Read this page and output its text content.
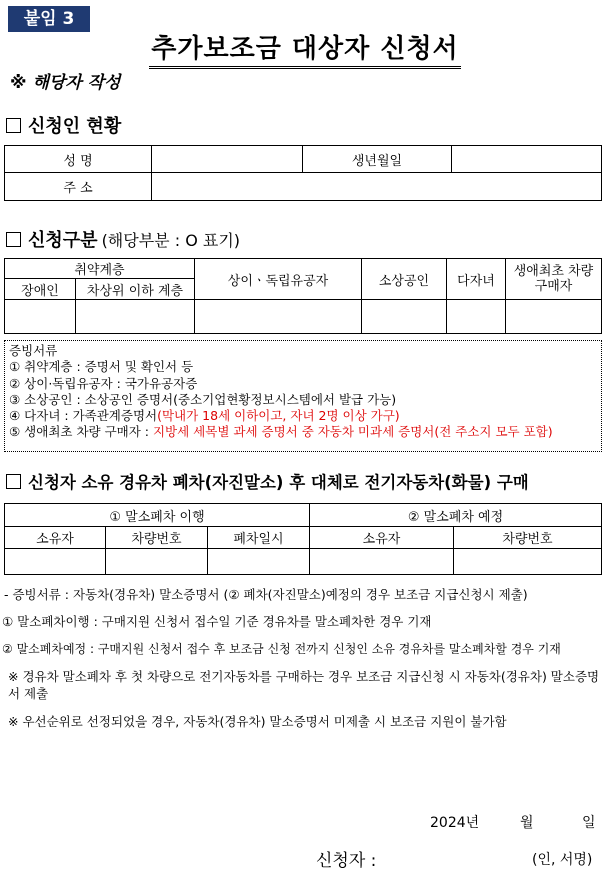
붙임 3
추가보조금 대상자 신청서
※ 해당자 작성
신청인 현황
성 명		생년월일	
주 소			
신청구분 (해당부분 : O 표기)
취약계층		상이ㆍ독립유공자	소상공인	다자녀	생애최초 차량 구매자
장애인	차상위 이하 계층				

증빙서류
① 취약계층 : 증명서 및 확인서 등
② 상이·독립유공자 : 국가유공자증
③ 소상공인 : 소상공인 증명서(중소기업현황정보시스템에서 발급 가능)
④ 다자녀 : 가족관계증명서(막내가 18세 이하이고, 자녀 2명 이상 가구)
⑤ 생애최초 차량 구매자 : 지방세 세목별 과세 증명서 중 자동차 미과세 증명서(전 주소지 모두 포함)
신청자 소유 경유차 폐차(자진말소) 후 대체로 전기자동차(화물) 구매
① 말소폐차 이행			② 말소폐차 예정	
소유자	차량번호	폐차일시	소유자	차량번호

- 증빙서류 : 자동차(경유차) 말소증명서 (② 폐차(자진말소)예정의 경우 보조금 지급신청시 제출)
① 말소폐차이행 : 구매지원 신청서 접수일 기준 경유차를 말소폐차한 경우 기재
② 말소폐차예정 : 구매지원 신청서 접수 후 보조금 신청 전까지 신청인 소유 경유차를 말소폐차할 경우 기재
※ 경유차 말소폐차 후 첫 차량으로 전기자동차를 구매하는 경우 보조금 지급신청 시 자동차(경유차) 말소증명서 제출
※ 우선순위로 선정되었을 경우, 자동차(경유차) 말소증명서 미제출 시 보조금 지원이 불가함
2024년	월	일
신청자 :	(인, 서명)
